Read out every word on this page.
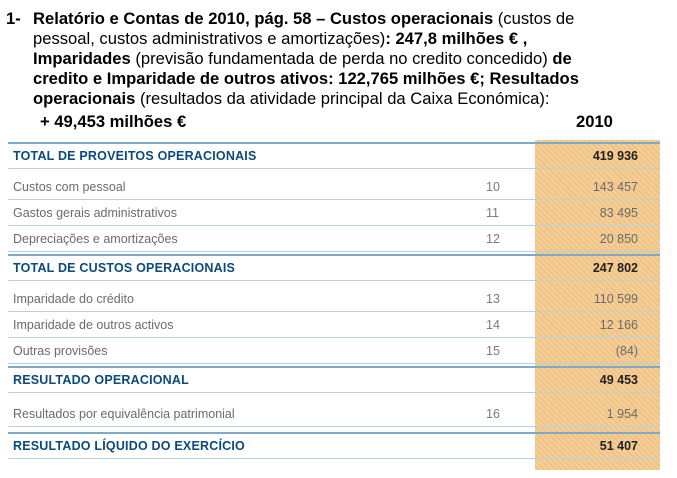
1- Relatório e Contas de 2010, pág. 58 – Custos operacionais (custos de
pessoal, custos administrativos e amortizações): 247,8 milhões € ,
Imparidades (previsão fundamentada de perda no credito concedido) de
credito e Imparidade de outros ativos: 122,765 milhões €; Resultados
operacionais (resultados da atividade principal da Caixa Económica):
+ 49,453 milhões €	2010
TOTAL DE PROVEITOS OPERACIONAIS	419 936
Custos com pessoal	10	143 457
Gastos gerais administrativos	11	83 495
Depreciações e amortizações	12	20 850
TOTAL DE CUSTOS OPERACIONAIS	247 802
Imparidade do crédito	13	110 599
Imparidade de outros activos	14	12 166
Outras provisões	15	(84)
RESULTADO OPERACIONAL	49 453
Resultados por equivalência patrimonial	16	1 954
RESULTADO LÍQUIDO DO EXERCÍCIO	51 407
